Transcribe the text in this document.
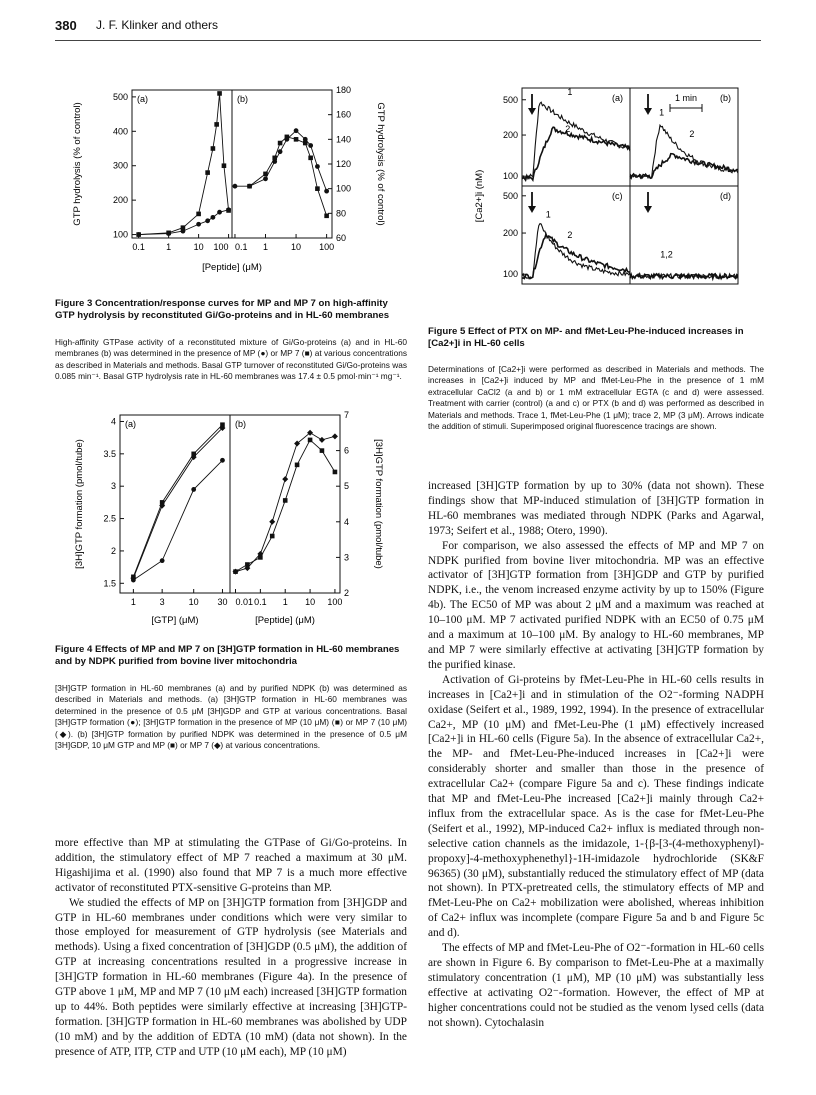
380 J. F. Klinker and others
(a)
100
200
300
400
500
0.1 1 10 100
(b)
60
80
100
120
140
160
180
0.1 1	10 100
GTP hydrolysis (% of control)	GTP hydrolysis (% of control)
[Peptide] (μM)
Figure 3 Concentration/response curves for MP and MP 7 on high-affinity GTP hydrolysis by reconstituted Gi/Go-proteins and in HL-60 membranes
High-affinity GTPase activity of a reconstituted mixture of Gi/Go-proteins (a) and in HL-60 membranes (b) was determined in the presence of MP (●) or MP 7 (■) at various concentrations as described in Materials and methods. Basal GTP turnover of reconstituted Gi/Go-proteins was 0.085 min⁻¹. Basal GTP hydrolysis rate in HL-60 membranes was 17.4 ± 0.5 pmol·min⁻¹ mg⁻¹.
(a)
1.5
2
2.5
3
3.5
4
1	3	10 30
(b)
2
3
4
5
6
7
0.01 0.1 1 10 100
[3H]GTP formation (pmol/tube)	[3H]GTP formation (pmol/tube)
[GTP] (μM)	[Peptide] (μM)
Figure 4 Effects of MP and MP 7 on [3H]GTP formation in HL-60 membranes and by NDPK purified from bovine liver mitochondria
[3H]GTP formation in HL-60 membranes (a) and by purified NDPK (b) was determined as described in Materials and methods. (a) [3H]GTP formation in HL-60 membranes was determined in the presence of 0.5 μM [3H]GDP and GTP at various concentrations. Basal [3H]GTP formation (●); [3H]GTP formation in the presence of MP (10 μM) (■) or MP 7 (10 μM) (◆). (b) [3H]GTP formation by purified NDPK was determined in the presence of 0.5 μM [3H]GDP, 10 μM GTP and MP (■) or MP 7 (◆) at various concentrations.
[Ca2+]i (nM)
(a)
1
2
500
200
100
(b)
1
2
(c)
1
2
500
200
100
(d)
1,2
1 min
Figure 5 Effect of PTX on MP- and fMet-Leu-Phe-induced increases in [Ca2+]i in HL-60 cells
Determinations of [Ca2+]i were performed as described in Materials and methods. The increases in [Ca2+]i induced by MP and fMet-Leu-Phe in the presence of 1 mM extracellular CaCl2 (a and b) or 1 mM extracellular EGTA (c and d) were assessed. Treatment with carrier (control) (a and c) or PTX (b and d) was performed as described in Materials and methods. Trace 1, fMet-Leu-Phe (1 μM); trace 2, MP (3 μM). Arrows indicate the addition of stimuli. Superimposed original fluorescence tracings are shown.

more effective than MP at stimulating the GTPase of Gi/Go-proteins. In addition, the stimulatory effect of MP 7 reached a maximum at 30 μM. Higashijima et al. (1990) also found that MP 7 is a much more effective activator of reconstituted PTX-sensitive G-proteins than MP.

We studied the effects of MP on [3H]GTP formation from [3H]GDP and GTP in HL-60 membranes under conditions which were very similar to those employed for measurement of GTP hydrolysis (see Materials and methods). Using a fixed concentration of [3H]GDP (0.5 μM), the addition of GTP at increasing concentrations resulted in a progressive increase in [3H]GTP formation in HL-60 membranes (Figure 4a). In the presence of GTP above 1 μM, MP and MP 7 (10 μM each) increased [3H]GTP formation up to 44%. Both peptides were similarly effective at increasing [3H]GTP-formation. [3H]GTP formation in HL-60 membranes was abolished by UDP (10 mM) and by the addition of EDTA (10 mM) (data not shown). In the presence of ATP, ITP, CTP and UTP (10 μM each), MP (10 μM)

increased [3H]GTP formation by up to 30% (data not shown). These findings show that MP-induced stimulation of [3H]GTP formation in HL-60 membranes was mediated through NDPK (Parks and Agarwal, 1973; Seifert et al., 1988; Otero, 1990).

For comparison, we also assessed the effects of MP and MP 7 on NDPK purified from bovine liver mitochondria. MP was an effective activator of [3H]GTP formation from [3H]GDP and GTP by purified NDPK, i.e., the venom increased enzyme activity by up to 150% (Figure 4b). The EC50 of MP was about 2 μM and a maximum was reached at 10–100 μM. MP 7 activated purified NDPK with an EC50 of 0.75 μM and a maximum at 10–100 μM. By analogy to HL-60 membranes, MP and MP 7 were similarly effective at activating [3H]GTP formation by the purified kinase.

Activation of Gi-proteins by fMet-Leu-Phe in HL-60 cells results in increases in [Ca2+]i and in stimulation of the O2⁻-forming NADPH oxidase (Seifert et al., 1989, 1992, 1994). In the presence of extracellular Ca2+, MP (10 μM) and fMet-Leu-Phe (1 μM) effectively increased [Ca2+]i in HL-60 cells (Figure 5a). In the absence of extracellular Ca2+, the MP- and fMet-Leu-Phe-induced increases in [Ca2+]i were considerably shorter and smaller than those in the presence of extracellular Ca2+ (compare Figure 5a and c). These findings indicate that MP and fMet-Leu-Phe increased [Ca2+]i mainly through Ca2+ influx from the extracellular space. As is the case for fMet-Leu-Phe (Seifert et al., 1992), MP-induced Ca2+ influx is mediated through non-selective cation channels as the imidazole, 1-{β-[3-(4-methoxyphenyl)-propoxy]-4-methoxyphenethyl}-1H-imidazole hydrochloride (SK&F 96365) (30 μM), substantially reduced the stimulatory effect of MP (data not shown). In PTX-pretreated cells, the stimulatory effects of MP and fMet-Leu-Phe on Ca2+ mobilization were abolished, whereas inhibition of Ca2+ influx was incomplete (compare Figure 5a and b and Figure 5c and d).

The effects of MP and fMet-Leu-Phe of O2⁻-formation in HL-60 cells are shown in Figure 6. By comparison to fMet-Leu-Phe at a maximally stimulatory concentration (1 μM), MP (10 μM) was substantially less effective at activating O2⁻-formation. However, the effect of MP at higher concentrations could not be studied as the venom lysed cells (data not shown). Cytochalasin
